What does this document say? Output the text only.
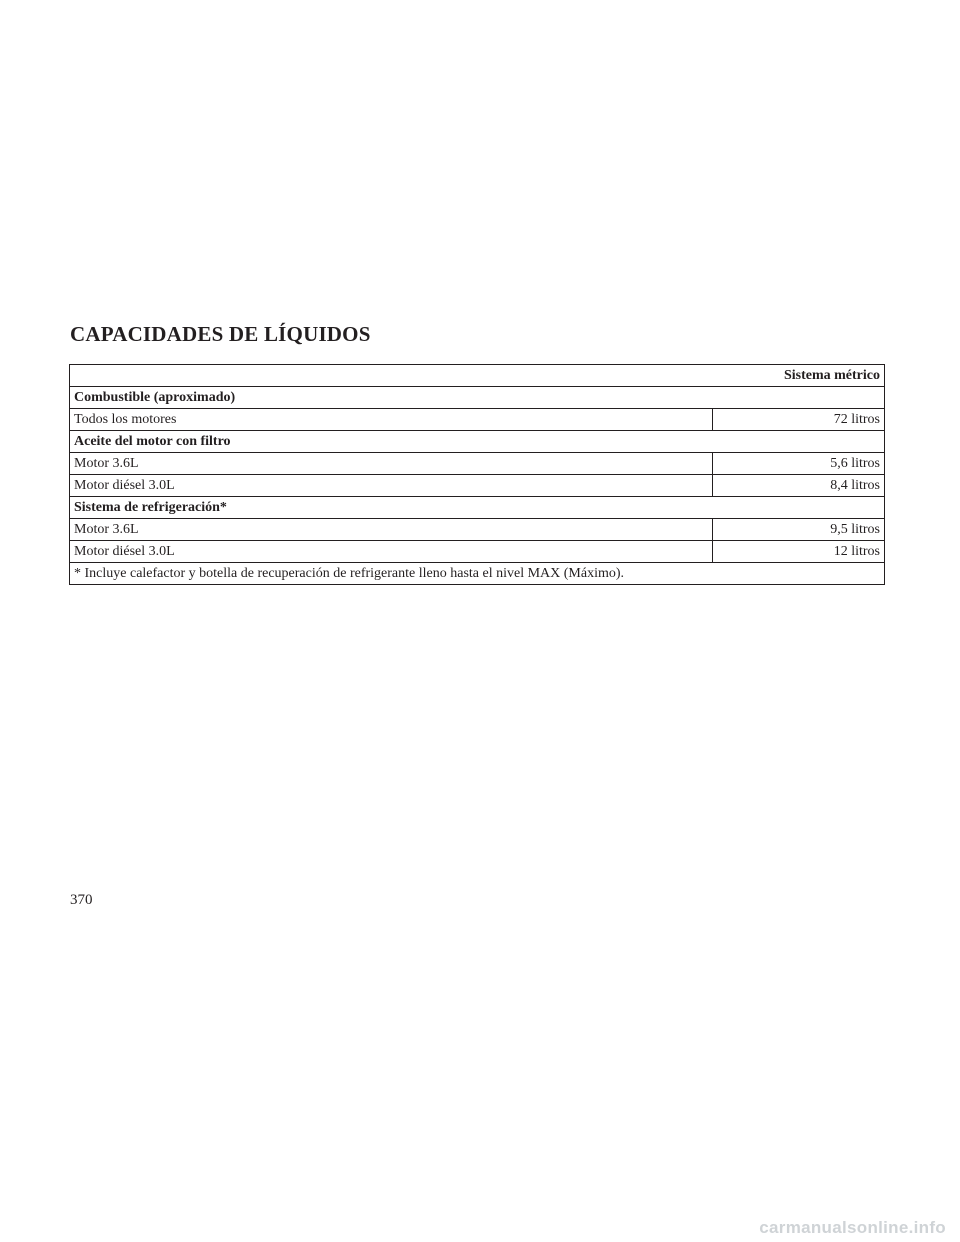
CAPACIDADES DE LÍQUIDOS
Sistema métrico	
Combustible (aproximado)	
Todos los motores	72 litros
Aceite del motor con filtro	
Motor 3.6L	5,6 litros
Motor diésel 3.0L	8,4 litros
Sistema de refrigeración*	
Motor 3.6L	9,5 litros
Motor diésel 3.0L	12 litros
* Incluye calefactor y botella de recuperación de refrigerante lleno hasta el nivel MAX (Máximo).	
370
carmanualsonline.info
